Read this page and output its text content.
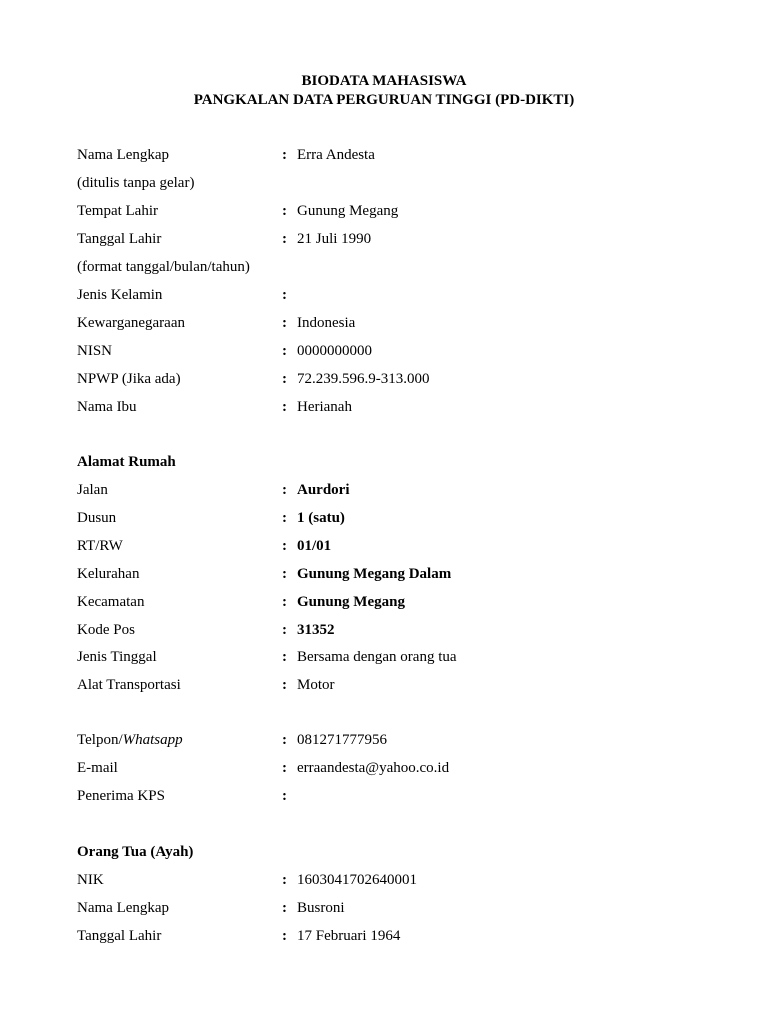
BIODATA MAHASISWA
PANGKALAN DATA PERGURUAN TINGGI (PD-DIKTI)
Nama Lengkap	: Erra Andesta
(ditulis tanpa gelar)
Tempat Lahir	: Gunung Megang
Tanggal Lahir	: 21 Juli 1990
(format tanggal/bulan/tahun)
Jenis Kelamin	:
Kewarganegaraan	: Indonesia
NISN	: 0000000000
NPWP (Jika ada)	: 72.239.596.9-313.000
Nama Ibu	: Herianah
Alamat Rumah
Jalan	: Aurdori
Dusun	: 1 (satu)
RT/RW	: 01/01
Kelurahan	: Gunung Megang Dalam
Kecamatan	: Gunung Megang
Kode Pos	: 31352
Jenis Tinggal	: Bersama dengan orang tua
Alat Transportasi	: Motor
Telpon/Whatsapp	: 081271777956
E-mail	: erraandesta@yahoo.co.id
Penerima KPS	:
Orang Tua (Ayah)
NIK	: 1603041702640001
Nama Lengkap	: Busroni
Tanggal Lahir	: 17 Februari 1964
